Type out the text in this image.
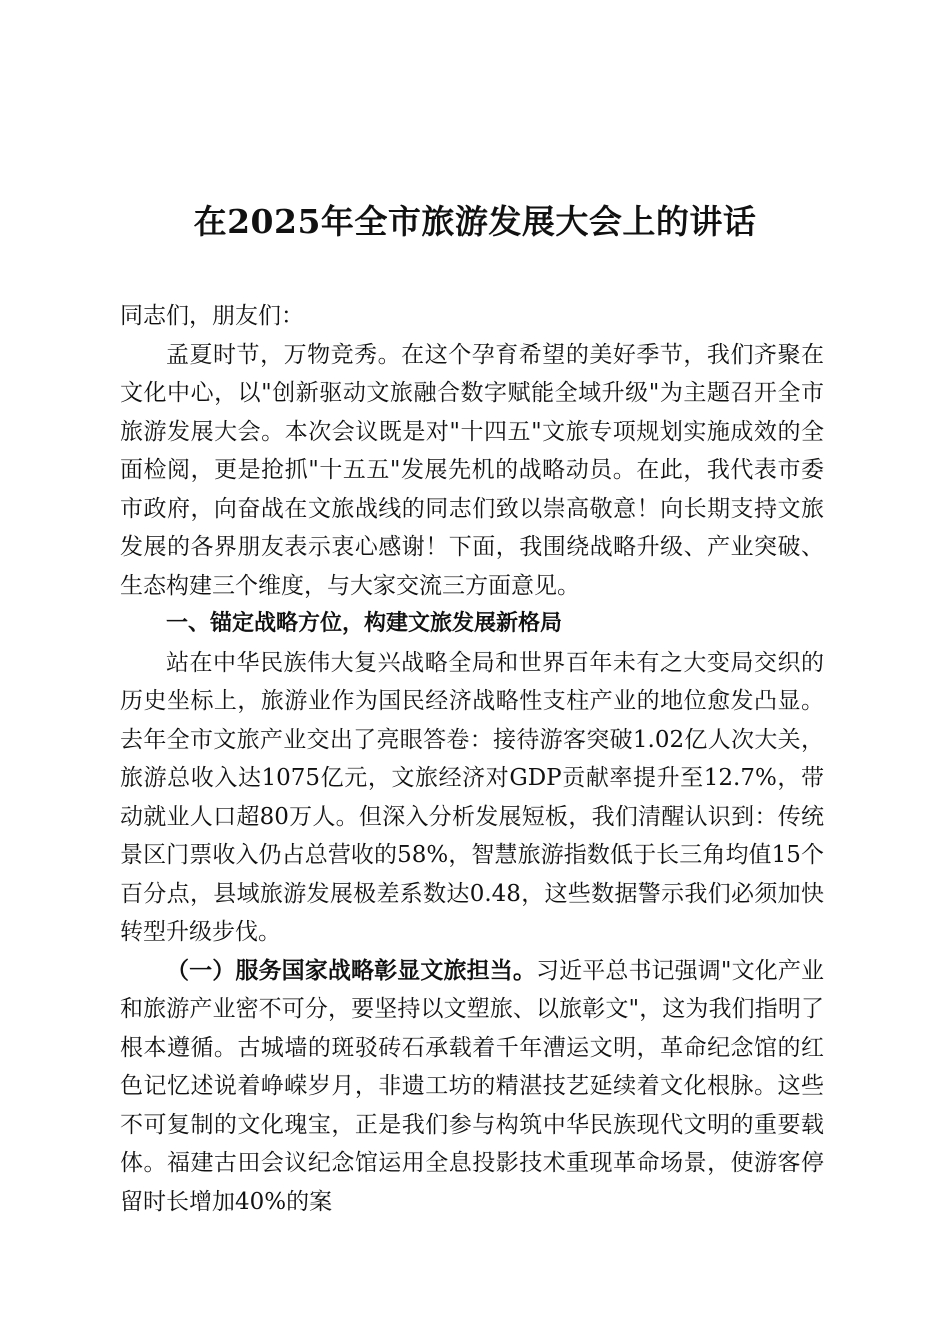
在2025年全市旅游发展大会上的讲话

同志们，朋友们：

孟夏时节，万物竞秀。在这个孕育希望的美好季节，我们齐聚在文化中心，以"创新驱动文旅融合数字赋能全域升级"为主题召开全市旅游发展大会。本次会议既是对"十四五"文旅专项规划实施成效的全面检阅，更是抢抓"十五五"发展先机的战略动员。在此，我代表市委市政府，向奋战在文旅战线的同志们致以崇高敬意！向长期支持文旅发展的各界朋友表示衷心感谢！下面，我围绕战略升级、产业突破、生态构建三个维度，与大家交流三方面意见。

一、锚定战略方位，构建文旅发展新格局

站在中华民族伟大复兴战略全局和世界百年未有之大变局交织的历史坐标上，旅游业作为国民经济战略性支柱产业的地位愈发凸显。去年全市文旅产业交出了亮眼答卷：接待游客突破1.02亿人次大关，旅游总收入达1075亿元，文旅经济对GDP贡献率提升至12.7%，带动就业人口超80万人。但深入分析发展短板，我们清醒认识到：传统景区门票收入仍占总营收的58%，智慧旅游指数低于长三角均值15个百分点，县域旅游发展极差系数达0.48，这些数据警示我们必须加快转型升级步伐。

（一）服务国家战略彰显文旅担当。习近平总书记强调"文化产业和旅游产业密不可分，要坚持以文塑旅、以旅彰文"，这为我们指明了根本遵循。古城墙的斑驳砖石承载着千年漕运文明，革命纪念馆的红色记忆述说着峥嵘岁月，非遗工坊的精湛技艺延续着文化根脉。这些不可复制的文化瑰宝，正是我们参与构筑中华民族现代文明的重要载体。福建古田会议纪念馆运用全息投影技术重现革命场景，使游客停留时长增加40%的案
